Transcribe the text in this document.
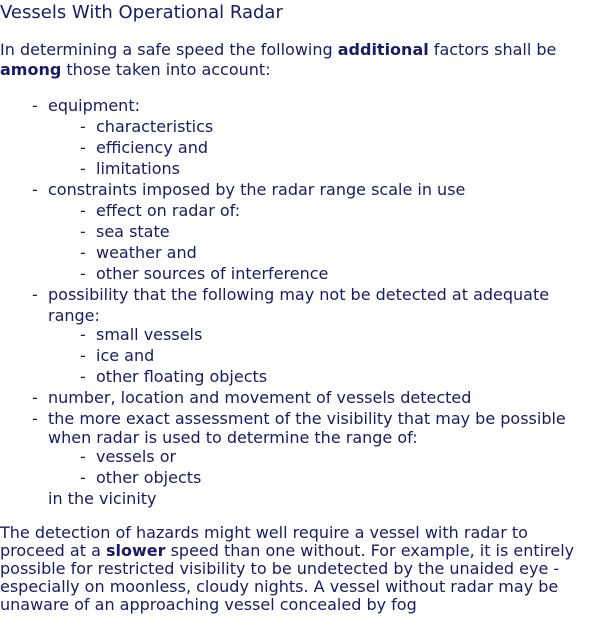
Vessels With Operational Radar
In determining a safe speed the following additional factors shall be among those taken into account:
- equipment:
- characteristics
- efficiency and
- limitations
- constraints imposed by the radar range scale in use
- effect on radar of:
- sea state
- weather and
- other sources of interference
- possibility that the following may not be detected at adequate
range:
- small vessels
- ice and
- other floating objects
- number, location and movement of vessels detected
- the more exact assessment of the visibility that may be possible
when radar is used to determine the range of:
- vessels or
- other objects
in the vicinity
The detection of hazards might well require a vessel with radar to proceed at a slower speed than one without. For example, it is entirely possible for restricted visibility to be undetected by the unaided eye - especially on moonless, cloudy nights. A vessel without radar may be unaware of an approaching vessel concealed by fog
